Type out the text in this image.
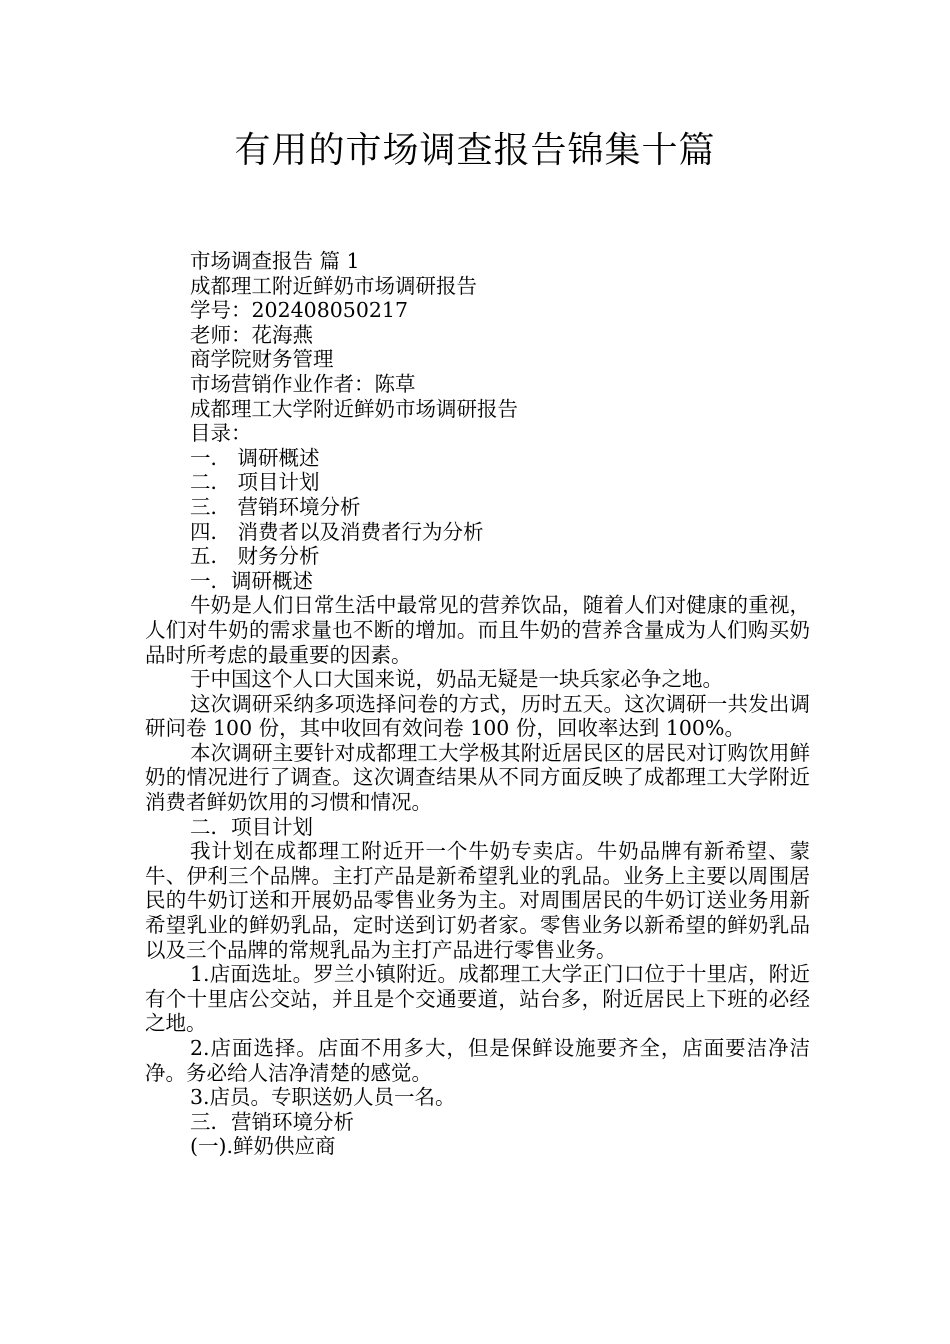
有用的市场调查报告锦集十篇

市场调查报告 篇 1

成都理工附近鲜奶市场调研报告

学号：202408050217

老师：花海燕

商学院财务管理

市场营销作业作者：陈草

成都理工大学附近鲜奶市场调研报告

目录：

一． 调研概述

二． 项目计划

三． 营销环境分析

四． 消费者以及消费者行为分析

五． 财务分析

一．调研概述

牛奶是人们日常生活中最常见的营养饮品，随着人们对健康的重视，人们对牛奶的需求量也不断的增加。而且牛奶的营养含量成为人们购买奶品时所考虑的最重要的因素。

于中国这个人口大国来说，奶品无疑是一块兵家必争之地。

这次调研采纳多项选择问卷的方式，历时五天。这次调研一共发出调研问卷 100 份，其中收回有效问卷 100 份，回收率达到 100%。

本次调研主要针对成都理工大学极其附近居民区的居民对订购饮用鲜奶的情况进行了调查。这次调查结果从不同方面反映了成都理工大学附近消费者鲜奶饮用的习惯和情况。

二．项目计划

我计划在成都理工附近开一个牛奶专卖店。牛奶品牌有新希望、蒙牛、伊利三个品牌。主打产品是新希望乳业的乳品。业务上主要以周围居民的牛奶订送和开展奶品零售业务为主。对周围居民的牛奶订送业务用新希望乳业的鲜奶乳品，定时送到订奶者家。零售业务以新希望的鲜奶乳品以及三个品牌的常规乳品为主打产品进行零售业务。

1.店面选址。罗兰小镇附近。成都理工大学正门口位于十里店，附近有个十里店公交站，并且是个交通要道，站台多，附近居民上下班的必经之地。

2.店面选择。店面不用多大，但是保鲜设施要齐全，店面要洁净洁净。务必给人洁净清楚的感觉。

3.店员。专职送奶人员一名。

三．营销环境分析

(一).鲜奶供应商
